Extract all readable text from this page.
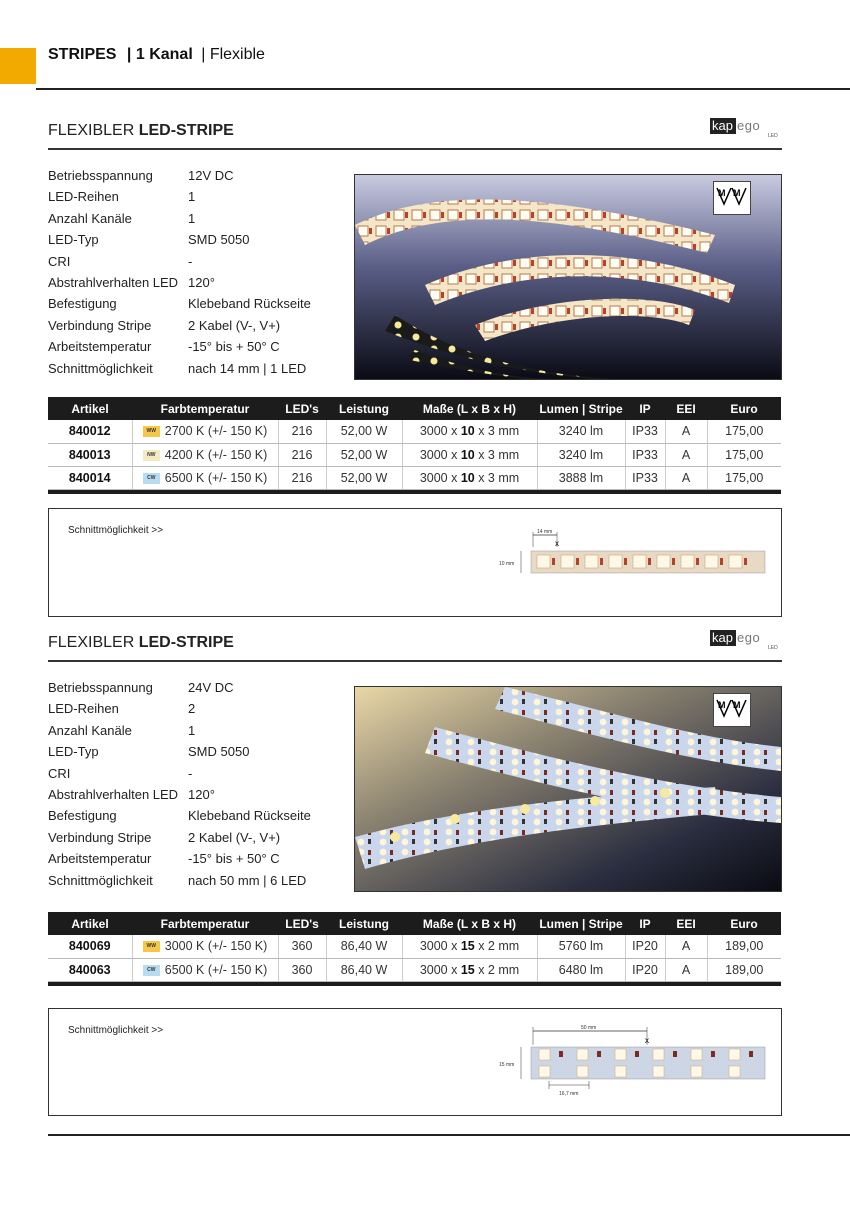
STRIPES | 1 Kanal | Flexible
FLEXIBLER LED-STRIPE	kap ego
LED
Betriebsspannung	12V DC
LED-Reihen	1
Anzahl Kanäle	1
LED-Typ	SMD 5050
CRI	-
Abstrahlverhalten LED 120°
Befestigung	Klebeband Rückseite
Verbindung Stripe	2 Kabel (V-, V+)
Arbeitstemperatur	-15° bis + 50° C
Schnittmöglichkeit	nach 14 mm | 1 LED
M M
Artikel	Farbtemperatur	LED's	Leistung	Maße (L x B x H)	Lumen | Stripe	IP	EEI	Euro
840012	WW 2700 K (+/- 150 K)	216	52,00 W	3000 x 10 x 3 mm	3240 lm	IP33	A	175,00
840013	NW 4200 K (+/- 150 K)	216	52,00 W	3000 x 10 x 3 mm	3240 lm	IP33	A	175,00
840014	CW 6500 K (+/- 150 K)	216	52,00 W	3000 x 10 x 3 mm	3888 lm	IP33	A	175,00

Schnittmöglichkeit >>	14 mm
x
10 mm
FLEXIBLER LED-STRIPE	kap ego
LED
Betriebsspannung	24V DC
LED-Reihen	2
Anzahl Kanäle	1
LED-Typ	SMD 5050
CRI	-
Abstrahlverhalten LED 120°
Befestigung	Klebeband Rückseite
Verbindung Stripe	2 Kabel (V-, V+)
Arbeitstemperatur	-15° bis + 50° C
Schnittmöglichkeit	nach 50 mm | 6 LED
M M
Artikel	Farbtemperatur	LED's	Leistung	Maße (L x B x H)	Lumen | Stripe	IP	EEI	Euro
840069	WW 3000 K (+/- 150 K)	360	86,40 W	3000 x 15 x 2 mm	5760 lm	IP20	A	189,00
840063	CW 6500 K (+/- 150 K)	360	86,40 W	3000 x 15 x 2 mm	6480 lm	IP20	A	189,00

Schnittmöglichkeit >>	50 mm
x
15 mm
16,7 mm
